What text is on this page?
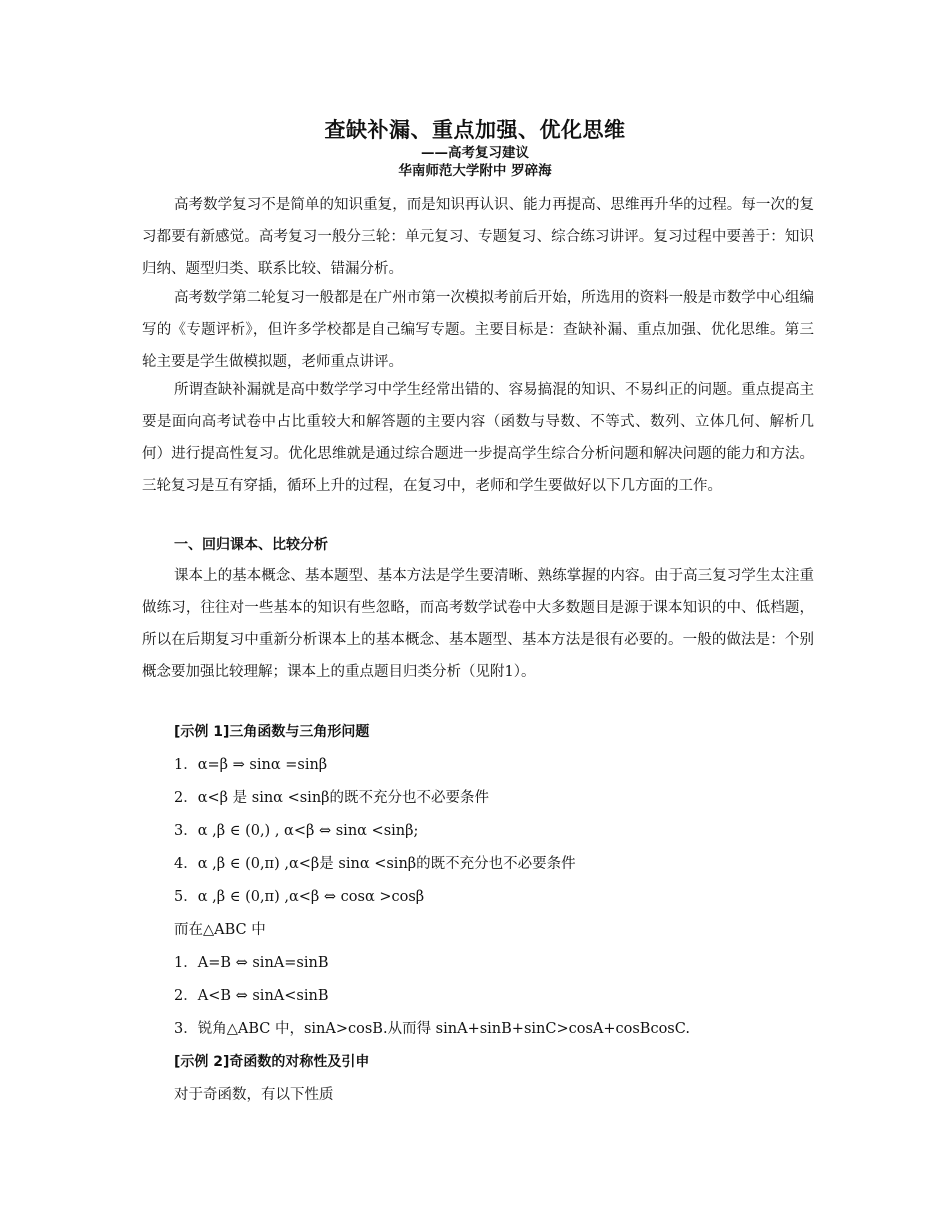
查缺补漏、重点加强、优化思维
——高考复习建议
华南师范大学附中 罗碎海

高考数学复习不是简单的知识重复，而是知识再认识、能力再提高、思维再升华的过程。每一次的复习都要有新感觉。高考复习一般分三轮：单元复习、专题复习、综合练习讲评。复习过程中要善于：知识归纳、题型归类、联系比较、错漏分析。

高考数学第二轮复习一般都是在广州市第一次模拟考前后开始，所选用的资料一般是市数学中心组编写的《专题评析》，但许多学校都是自己编写专题。主要目标是：查缺补漏、重点加强、优化思维。第三轮主要是学生做模拟题，老师重点讲评。

所谓查缺补漏就是高中数学学习中学生经常出错的、容易搞混的知识、不易纠正的问题。重点提高主要是面向高考试卷中占比重较大和解答题的主要内容（函数与导数、不等式、数列、立体几何、解析几何）进行提高性复习。优化思维就是通过综合题进一步提高学生综合分析问题和解决问题的能力和方法。三轮复习是互有穿插，循环上升的过程，在复习中，老师和学生要做好以下几方面的工作。

一、回归课本、比较分析

课本上的基本概念、基本题型、基本方法是学生要清晰、熟练掌握的内容。由于高三复习学生太注重做练习，往往对一些基本的知识有些忽略，而高考数学试卷中大多数题目是源于课本知识的中、低档题，所以在后期复习中重新分析课本上的基本概念、基本题型、基本方法是很有必要的。一般的做法是：个别概念要加强比较理解；课本上的重点题目归类分析（见附1）。

[示例 1]三角函数与三角形问题
1．α=β ⇒ sinα =sinβ
2．α<β 是 sinα <sinβ的既不充分也不必要条件
3．α ,β ∈ (0,) , α<β ⇔ sinα <sinβ;
4．α ,β ∈ (0,π) ,α<β是 sinα <sinβ的既不充分也不必要条件
5．α ,β ∈ (0,π) ,α<β ⇔ cosα >cosβ
而在△ABC 中
1．A=B ⇔ sinA=sinB
2．A<B ⇔ sinA<sinB
3．锐角△ABC 中，sinA>cosB.从而得 sinA+sinB+sinC>cosA+cosBcosC.
[示例 2]奇函数的对称性及引申
对于奇函数，有以下性质
